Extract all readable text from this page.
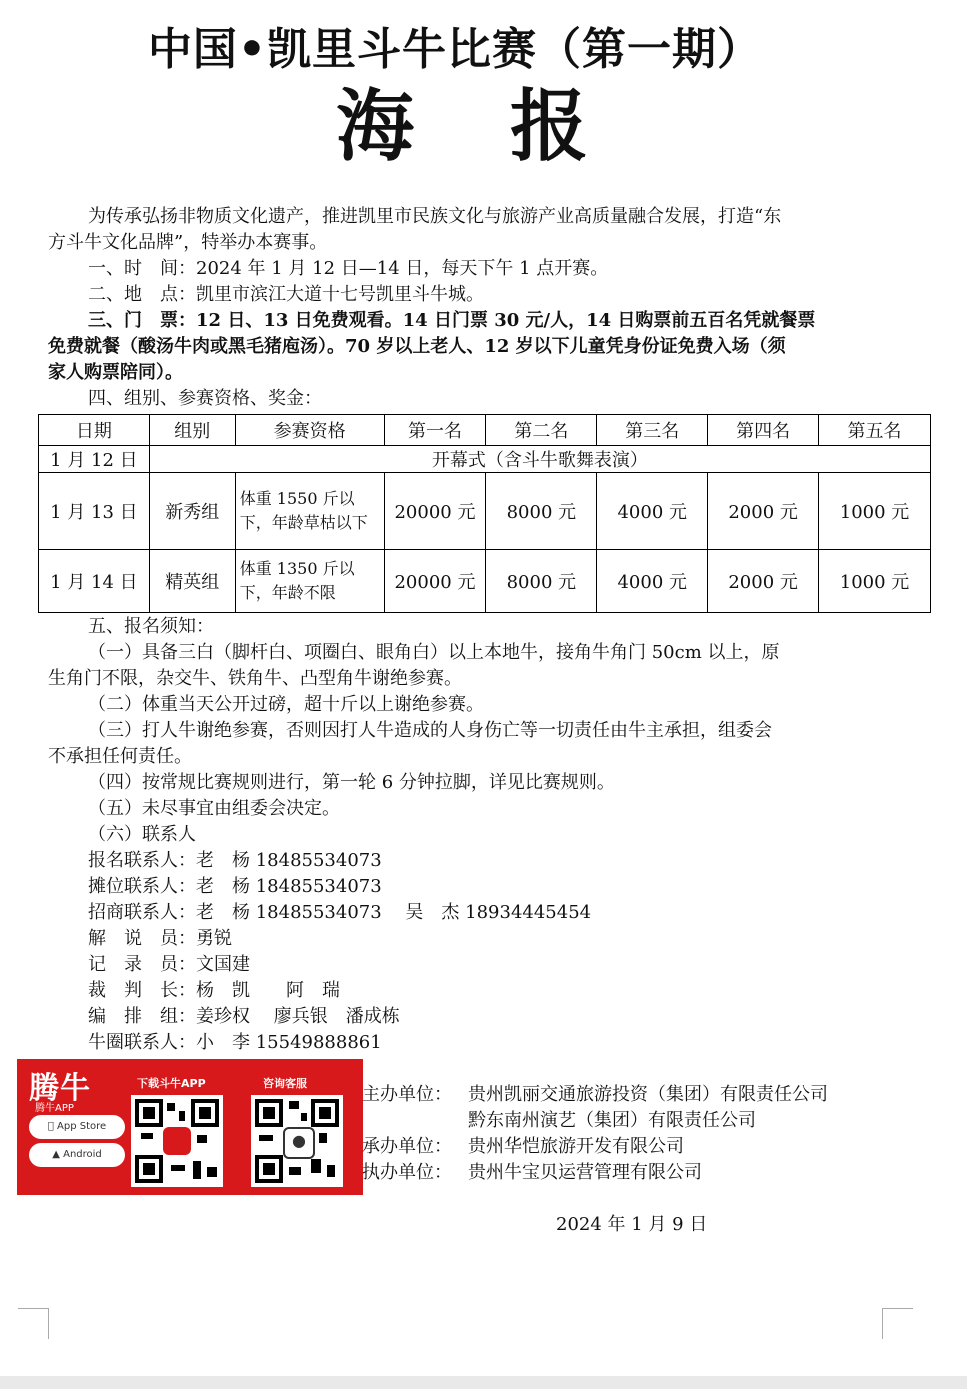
中国•凯里斗牛比赛（第一期）
海 报
为传承弘扬非物质文化遗产，推进凯里市民族文化与旅游产业高质量融合发展，打造“东
方斗牛文化品牌”，特举办本赛事。
一、时　间：2024 年 1 月 12 日—14 日，每天下午 1 点开赛。
二、地　点：凯里市滨江大道十七号凯里斗牛城。
三、门　票：12 日、13 日免费观看。14 日门票 30 元/人，14 日购票前五百名凭就餐票
免费就餐（酸汤牛肉或黑毛猪庖汤）。70 岁以上老人、12 岁以下儿童凭身份证免费入场（须
家人购票陪同）。
四、组别、参赛资格、奖金：
日期	组别	参赛资格	第一名	第二名	第三名	第四名	第五名
1 月 12 日	开幕式（含斗牛歌舞表演）						
1 月 13 日	新秀组	体重 1550 斤以下，年龄草枯以下	20000 元	8000 元	4000 元	2000 元	1000 元
1 月 14 日	精英组	体重 1350 斤以下，年龄不限	20000 元	8000 元	4000 元	2000 元	1000 元
五、报名须知：
（一）具备三白（脚杆白、项圈白、眼角白）以上本地牛，接角牛角门 50cm 以上，原
生角门不限，杂交牛、铁角牛、凸型角牛谢绝参赛。
（二）体重当天公开过磅，超十斤以上谢绝参赛。
（三）打人牛谢绝参赛，否则因打人牛造成的人身伤亡等一切责任由牛主承担，组委会
不承担任何责任。
（四）按常规比赛规则进行，第一轮 6 分钟拉脚，详见比赛规则。
（五）未尽事宜由组委会决定。
（六）联系人
报名联系人：老　杨 18485534073
摊位联系人：老　杨 18485534073
招商联系人：老　杨 18485534073　 吴　杰 18934445454
解　说　员：勇锐
记　录　员：文国建
裁　判　长：杨　凯　　阿　瑞
编　排　组：姜珍权　 廖兵银　潘成栋
牛圈联系人：小　李 15549888861
腾牛
腾牛APP
App Store
▲ Android
下载斗牛APP	咨询客服
●
主办单位： 贵州凯丽交通旅游投资（集团）有限责任公司
黔东南州演艺（集团）有限责任公司
承办单位： 贵州华恺旅游开发有限公司
执办单位： 贵州牛宝贝运营管理有限公司
2024 年 1 月 9 日
